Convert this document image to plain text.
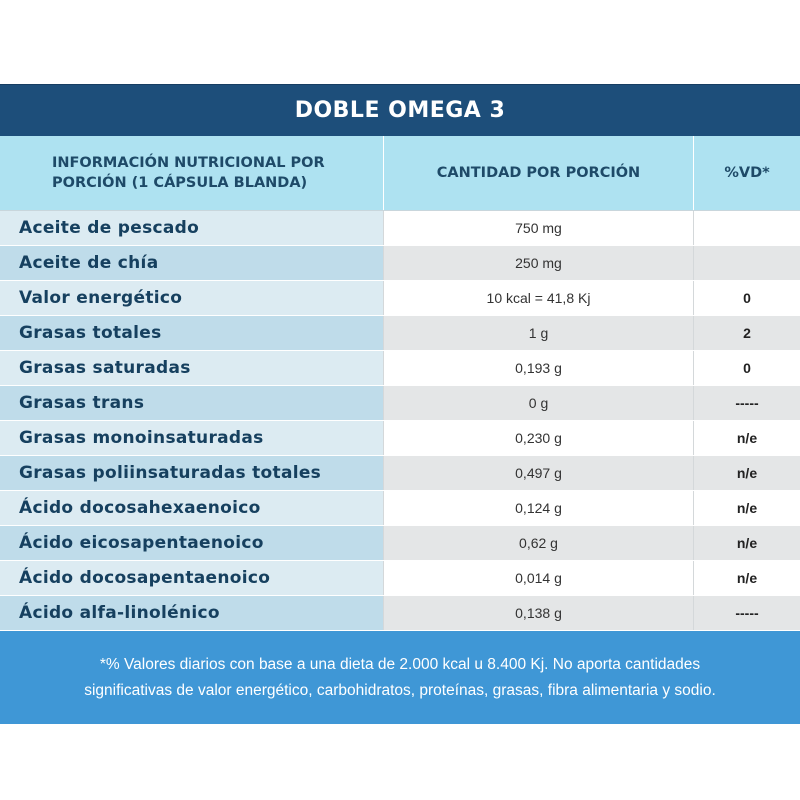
DOBLE OMEGA 3
INFORMACIÓN NUTRICIONAL POR
PORCIÓN (1 CÁPSULA BLANDA)
CANTIDAD POR PORCIÓN	%VD*
Aceite de pescado	750 mg
Aceite de chía	250 mg
Valor energético	10 kcal = 41,8 Kj	0
Grasas totales	1 g	2
Grasas saturadas	0,193 g	0
Grasas trans	0 g	-----
Grasas monoinsaturadas	0,230 g	n/e
Grasas poliinsaturadas totales	0,497 g	n/e
Ácido docosahexaenoico	0,124 g	n/e
Ácido eicosapentaenoico	0,62 g	n/e
Ácido docosapentaenoico	0,014 g	n/e
Ácido alfa-linolénico	0,138 g	-----
*% Valores diarios con base a una dieta de 2.000 kcal u 8.400 Kj. No aporta cantidades
significativas de valor energético, carbohidratos, proteínas, grasas, fibra alimentaria y sodio.
